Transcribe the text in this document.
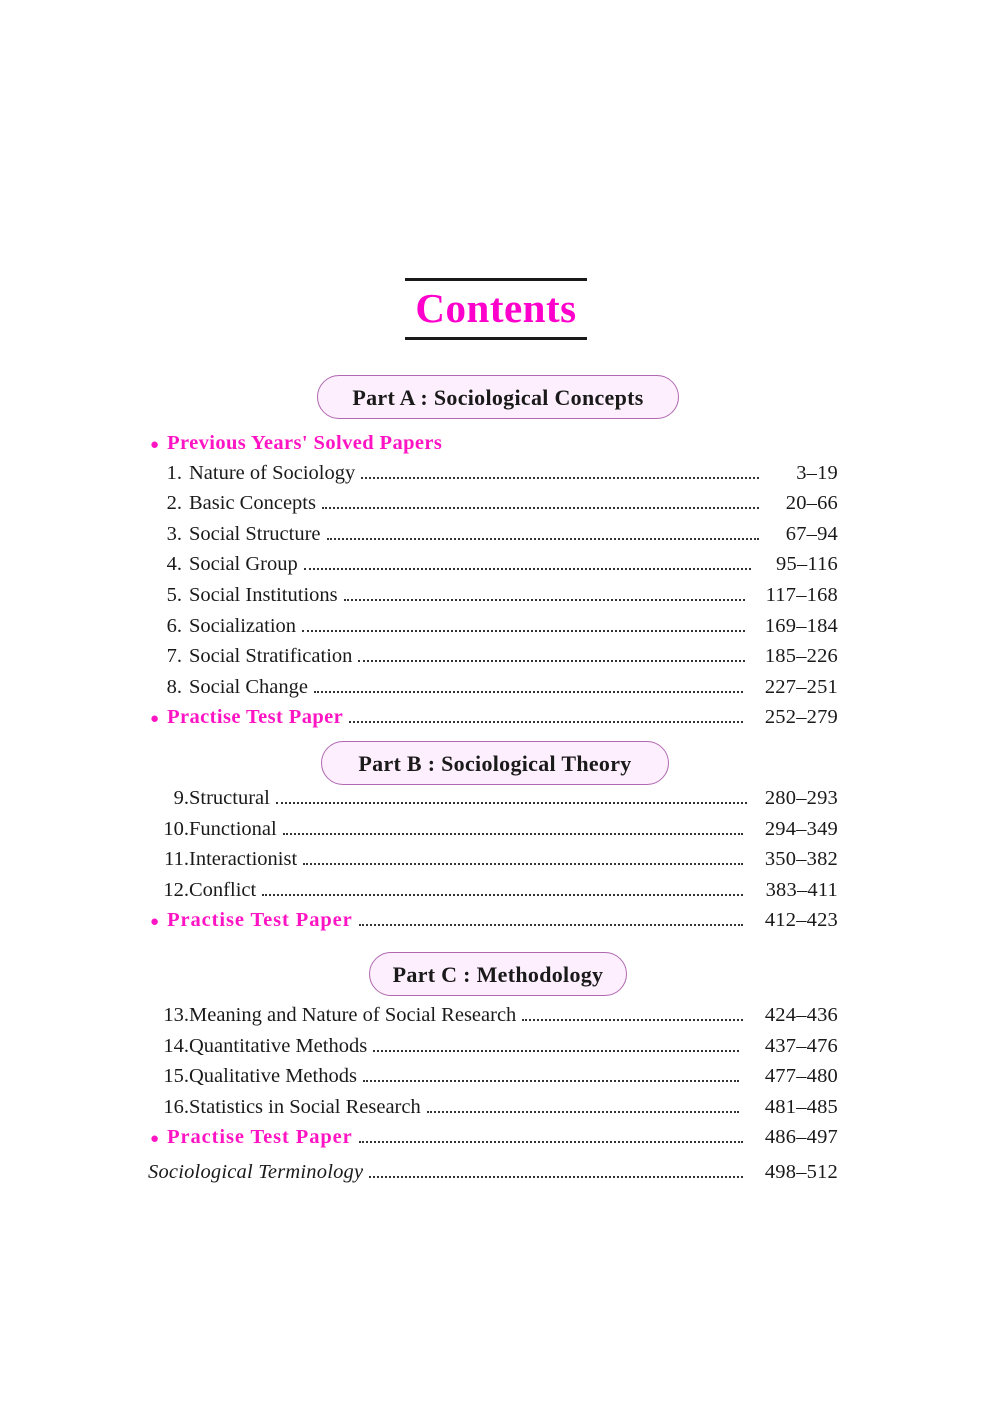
Contents
Part A : Sociological Concepts
● Previous Years' Solved Papers
1. Nature of Sociology	3–19
2. Basic Concepts	20–66
3. Social Structure	67–94
4. Social Group	95–116
5. Social Institutions	117–168
6. Socialization	169–184
7. Social Stratification	185–226
8. Social Change	227–251
● Practise Test Paper	252–279
Part B : Sociological Theory
9. Structural	280–293
10. Functional	294–349
11. Interactionist	350–382
12. Conflict	383–411
● Practise Test Paper	412–423
Part C : Methodology
13. Meaning and Nature of Social Research	424–436
14. Quantitative Methods	437–476
15. Qualitative Methods	477–480
16. Statistics in Social Research	481–485
● Practise Test Paper	486–497
Sociological Terminology	498–512
